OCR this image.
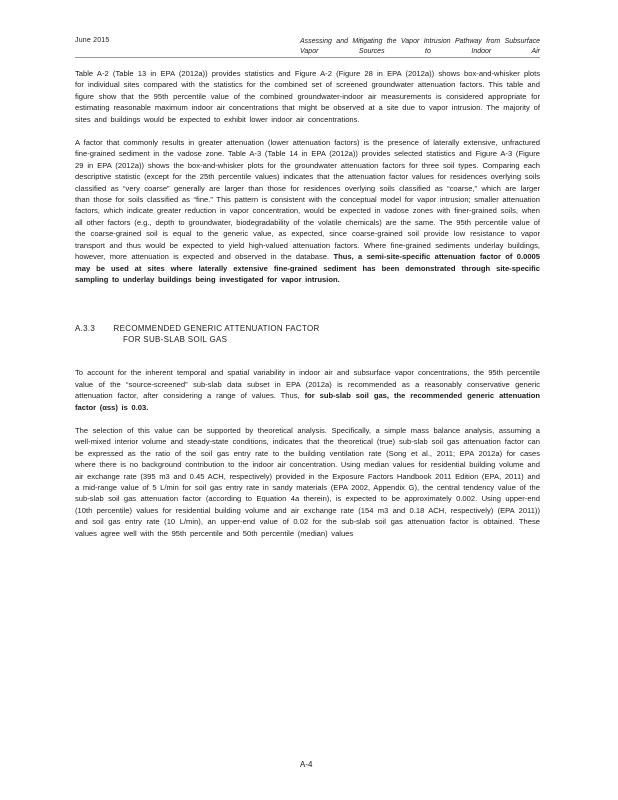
June 2015	Assessing and Mitigating the Vapor Intrusion Pathway from Subsurface Vapor Sources to Indoor Air

Table A-2 (Table 13 in EPA (2012a)) provides statistics and Figure A-2 (Figure 28 in EPA (2012a)) shows box-and-whisker plots for individual sites compared with the statistics for the combined set of screened groundwater attenuation factors. This table and figure show that the 95th percentile value of the combined groundwater-indoor air measurements is considered appropriate for estimating reasonable maximum indoor air concentrations that might be observed at a site due to vapor intrusion. The majority of sites and buildings would be expected to exhibit lower indoor air concentrations.

A factor that commonly results in greater attenuation (lower attenuation factors) is the presence of laterally extensive, unfractured fine-grained sediment in the vadose zone. Table A-3 (Table 14 in EPA (2012a)) provides selected statistics and Figure A-3 (Figure 29 in EPA (2012a)) shows the box-and-whisker plots for the groundwater attenuation factors for three soil types. Comparing each descriptive statistic (except for the 25th percentile values) indicates that the attenuation factor values for residences overlying soils classified as “very coarse” generally are larger than those for residences overlying soils classified as “coarse,” which are larger than those for soils classified as “fine.” This pattern is consistent with the conceptual model for vapor intrusion; smaller attenuation factors, which indicate greater reduction in vapor concentration, would be expected in vadose zones with finer-grained soils, when all other factors (e.g., depth to groundwater, biodegradability of the volatile chemicals) are the same. The 95th percentile value of the coarse-grained soil is equal to the generic value, as expected, since coarse-grained soil provide low resistance to vapor transport and thus would be expected to yield high-valued attenuation factors. Where fine-grained sediments underlay buildings, however, more attenuation is expected and observed in the database. Thus, a semi-site-specific attenuation factor of 0.0005 may be used at sites where laterally extensive fine-grained sediment has been demonstrated through site-specific sampling to underlay buildings being investigated for vapor intrusion.

A.3.3 RECOMMENDED GENERIC ATTENUATION FACTOR
FOR SUB-SLAB SOIL GAS

To account for the inherent temporal and spatial variability in indoor air and subsurface vapor concentrations, the 95th percentile value of the “source-screened” sub-slab data subset in EPA (2012a) is recommended as a reasonably conservative generic attenuation factor, after considering a range of values. Thus, for sub-slab soil gas, the recommended generic attenuation factor (αss) is 0.03.

The selection of this value can be supported by theoretical analysis. Specifically, a simple mass balance analysis, assuming a well-mixed interior volume and steady-state conditions, indicates that the theoretical (true) sub-slab soil gas attenuation factor can be expressed as the ratio of the soil gas entry rate to the building ventilation rate (Song et al., 2011; EPA 2012a) for cases where there is no background contribution to the indoor air concentration. Using median values for residential building volume and air exchange rate (395 m3 and 0.45 ACH, respectively) provided in the Exposure Factors Handbook 2011 Edition (EPA, 2011) and a mid-range value of 5 L/min for soil gas entry rate in sandy materials (EPA 2002, Appendix G), the central tendency value of the sub-slab soil gas attenuation factor (according to Equation 4a therein), is expected to be approximately 0.002. Using upper-end (10th percentile) values for residential building volume and air exchange rate (154 m3 and 0.18 ACH, respectively) (EPA 2011)) and soil gas entry rate (10 L/min), an upper-end value of 0.02 for the sub-slab soil gas attenuation factor is obtained. These values agree well with the 95th percentile and 50th percentile (median) values

A-4
